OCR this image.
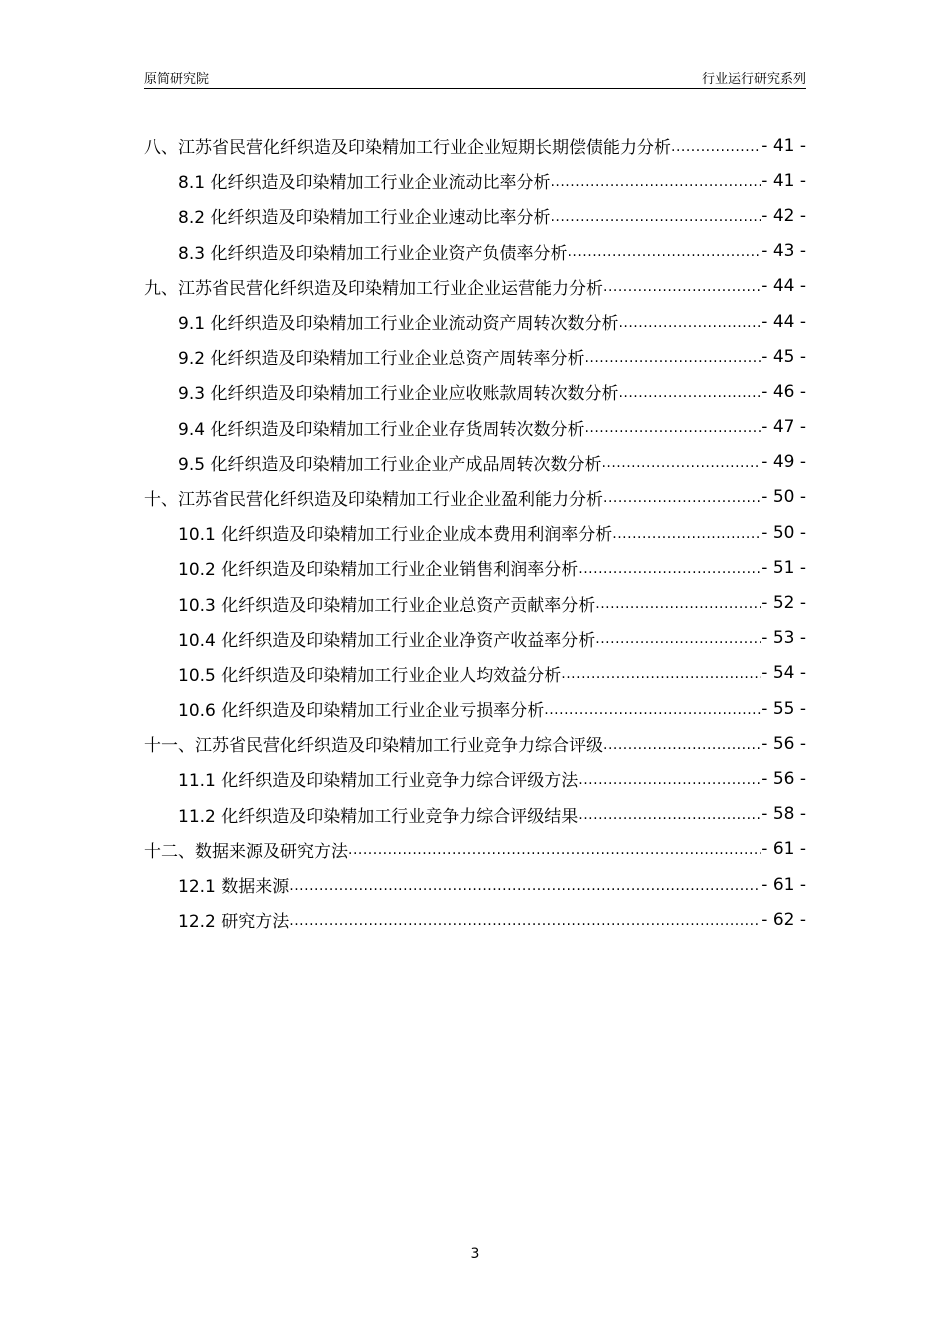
原简研究院	行业运行研究系列
八、江苏省民营化纤织造及印染精加工行业企业短期长期偿债能力分析 .....	- 41 -
8.1 化纤织造及印染精加工行业企业流动比率分析 .....	- 41 -
8.2 化纤织造及印染精加工行业企业速动比率分析 .....	- 42 -
8.3 化纤织造及印染精加工行业企业资产负债率分析 .....	- 43 -
九、江苏省民营化纤织造及印染精加工行业企业运营能力分析 .....	- 44 -
9.1 化纤织造及印染精加工行业企业流动资产周转次数分析 .....	- 44 -
9.2 化纤织造及印染精加工行业企业总资产周转率分析 .....	- 45 -
9.3 化纤织造及印染精加工行业企业应收账款周转次数分析 .....	- 46 -
9.4 化纤织造及印染精加工行业企业存货周转次数分析 .....	- 47 -
9.5 化纤织造及印染精加工行业企业产成品周转次数分析 .....	- 49 -
十、江苏省民营化纤织造及印染精加工行业企业盈利能力分析 .....	- 50 -
10.1 化纤织造及印染精加工行业企业成本费用利润率分析 .....	- 50 -
10.2 化纤织造及印染精加工行业企业销售利润率分析 .....	- 51 -
10.3 化纤织造及印染精加工行业企业总资产贡献率分析 .....	- 52 -
10.4 化纤织造及印染精加工行业企业净资产收益率分析 .....	- 53 -
10.5 化纤织造及印染精加工行业企业人均效益分析 .....	- 54 -
10.6 化纤织造及印染精加工行业企业亏损率分析 .....	- 55 -
十一、江苏省民营化纤织造及印染精加工行业竞争力综合评级 .....	- 56 -
11.1 化纤织造及印染精加工行业竞争力综合评级方法 .....	- 56 -
11.2 化纤织造及印染精加工行业竞争力综合评级结果 .....	- 58 -
十二、数据来源及研究方法 .....	- 61 -
12.1 数据来源 .....	- 61 -
12.2 研究方法 .....	- 62 -
3
